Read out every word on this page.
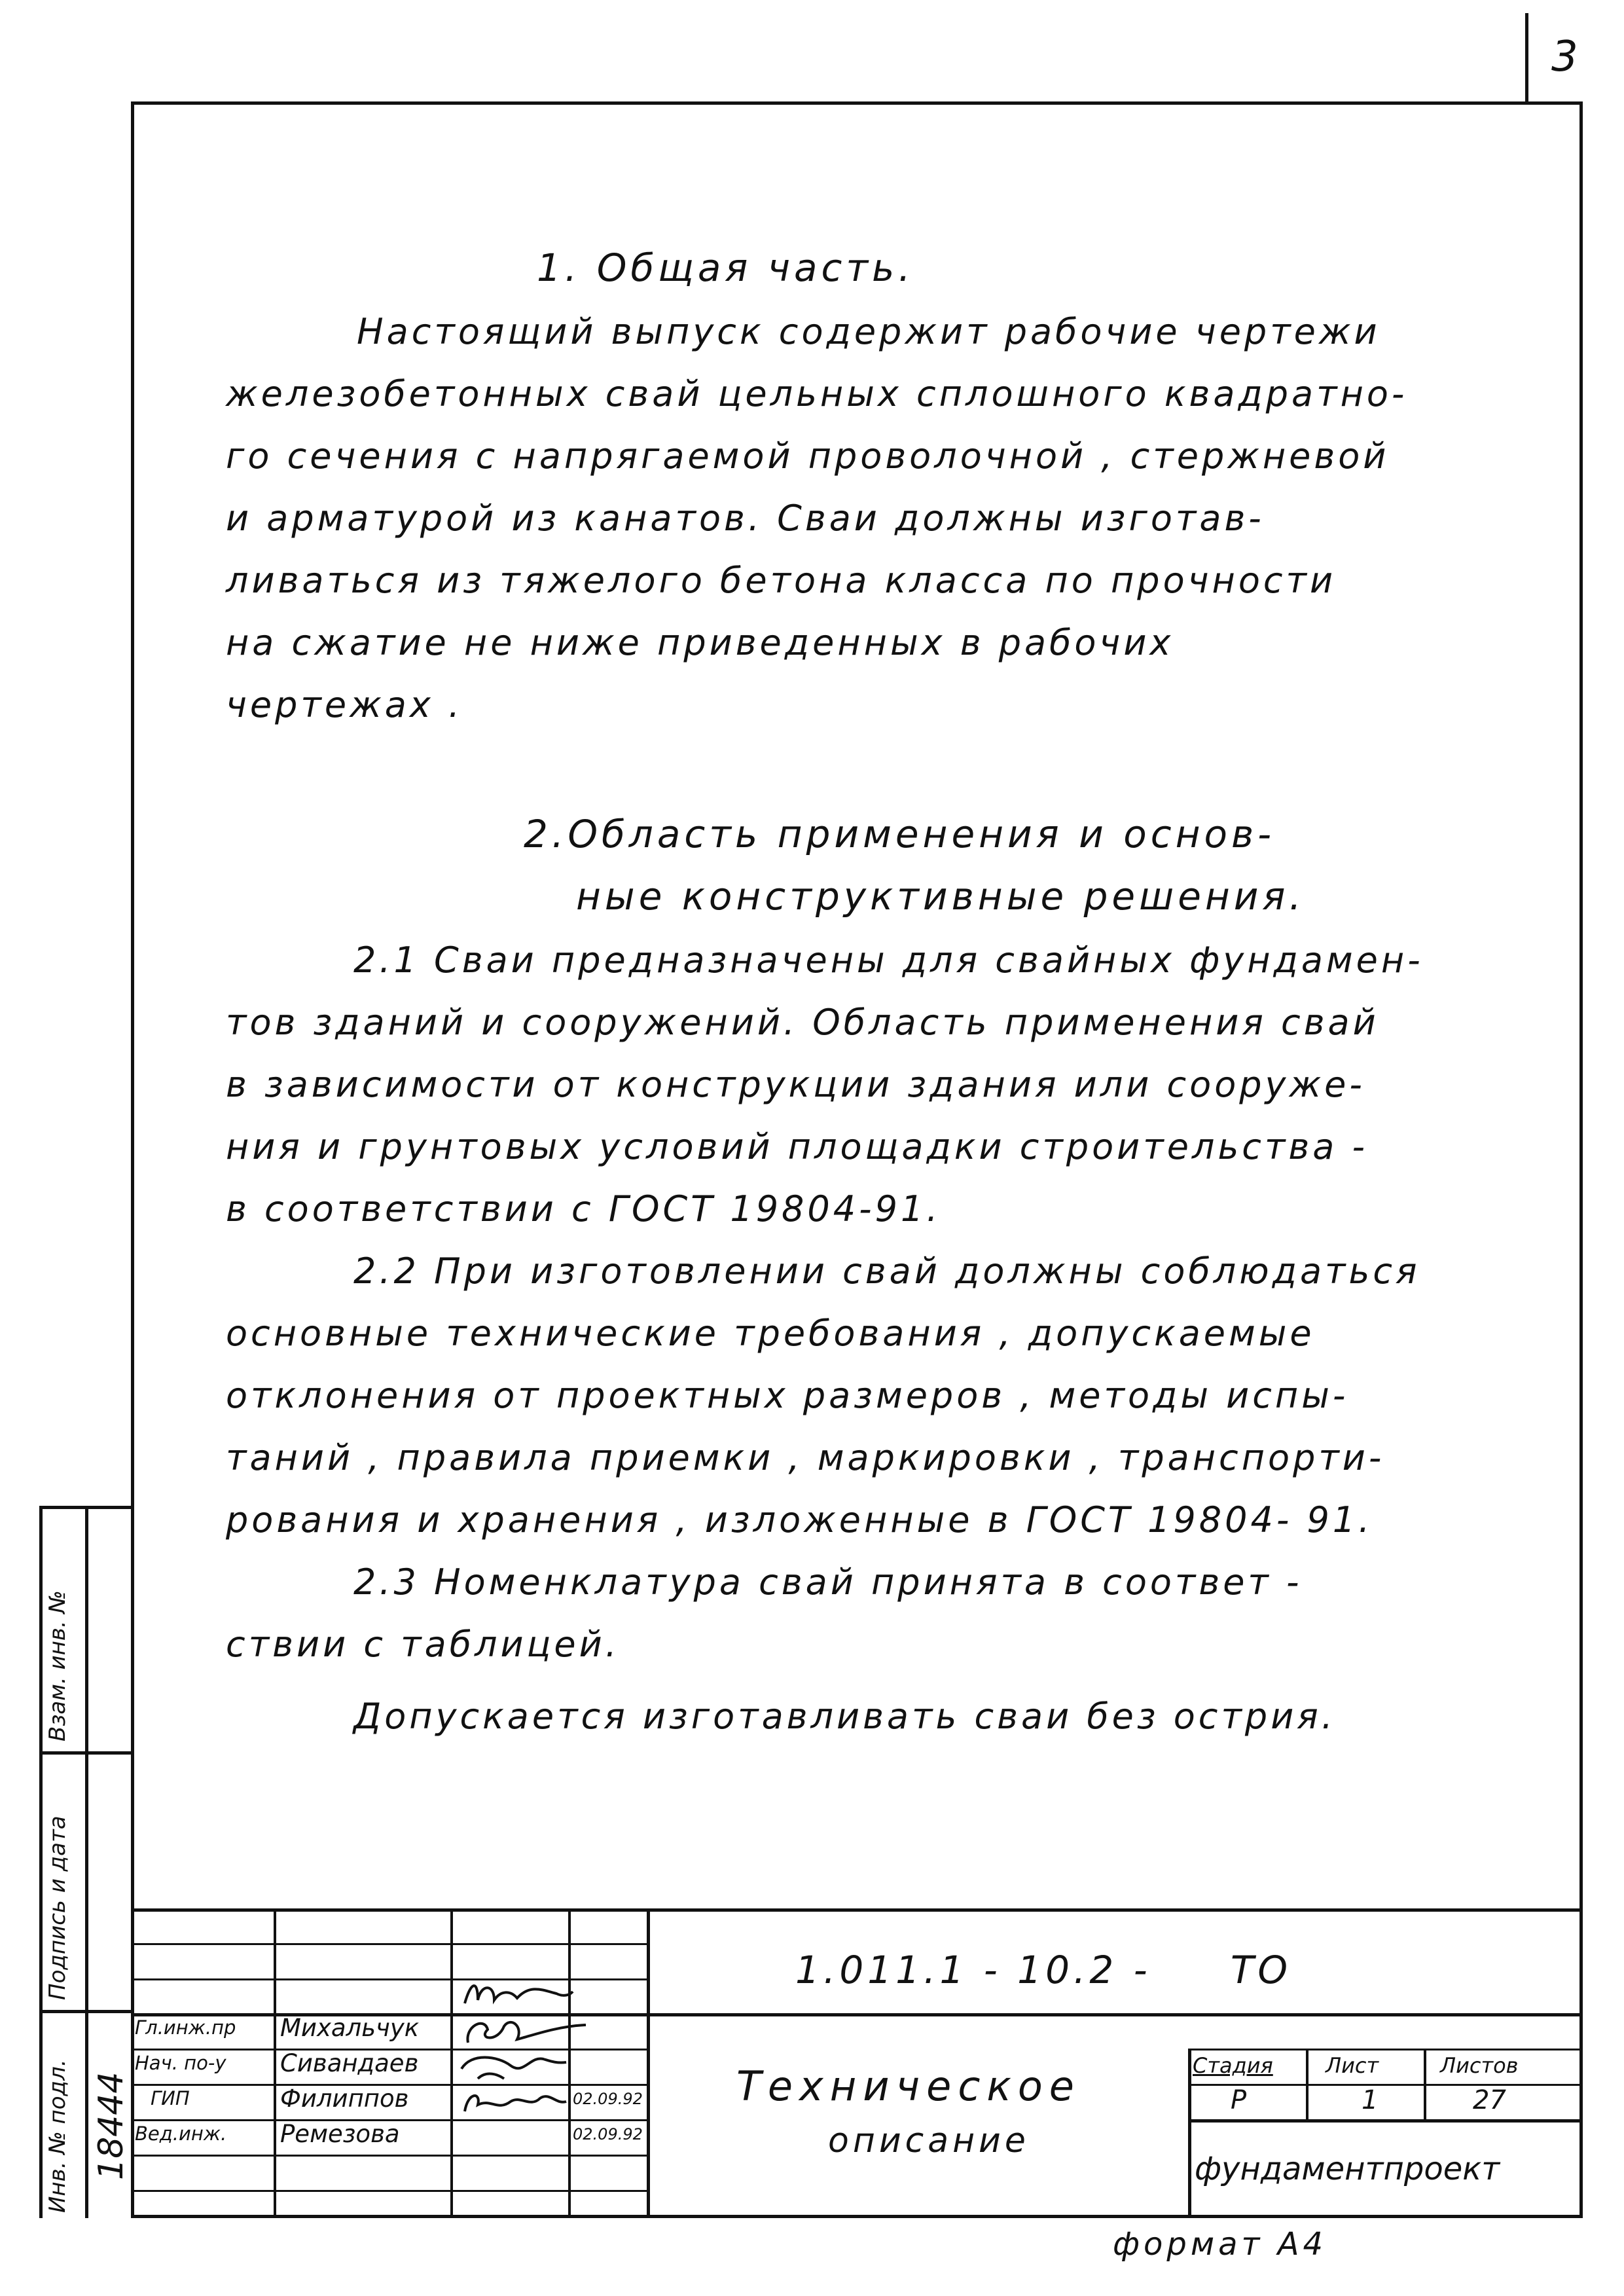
3
1. Общая часть.
Настоящий выпуск содержит рабочие чертежи
железобетонных свай цельных сплошного квадратно-
го сечения с напрягаемой проволочной , стержневой
и арматурой из канатов. Сваи должны изготав-
ливаться из тяжелого бетона класса по прочности
на сжатие не ниже приведенных в рабочих
чертежах .
2.Область применения и основ-
ные конструктивные решения.
2.1 Сваи предназначены для свайных фундамен-
тов зданий и сооружений. Область применения свай
в зависимости от конструкции здания или сооруже-
ния и грунтовых условий площадки строительства -
в соответствии с ГОСТ 19804-91.
2.2 При изготовлении свай должны соблюдаться
основные технические требования , допускаемые
отклонения от проектных размеров , методы испы-
таний , правила приемки , маркировки , транспорти-
рования и хранения , изложенные в ГОСТ 19804- 91.
2.3 Номенклатура свай принята в соответ -
ствии с таблицей.
Допускается изготавливать сваи без острия.
Взам. инв. №
Подпись и дата
Инв. № подл. 18444
1.011.1 - 10.2 - ТО
Техническое
описание
Стадия	Лист	Листов
Р	1	27
фундаментпроект
Гл.инж.пр Михальчук
Нач. по-у Сивандаев
ГИП	Филиппов	02.09.92
Вед.инж. Ремезова	02.09.92
формат А4
